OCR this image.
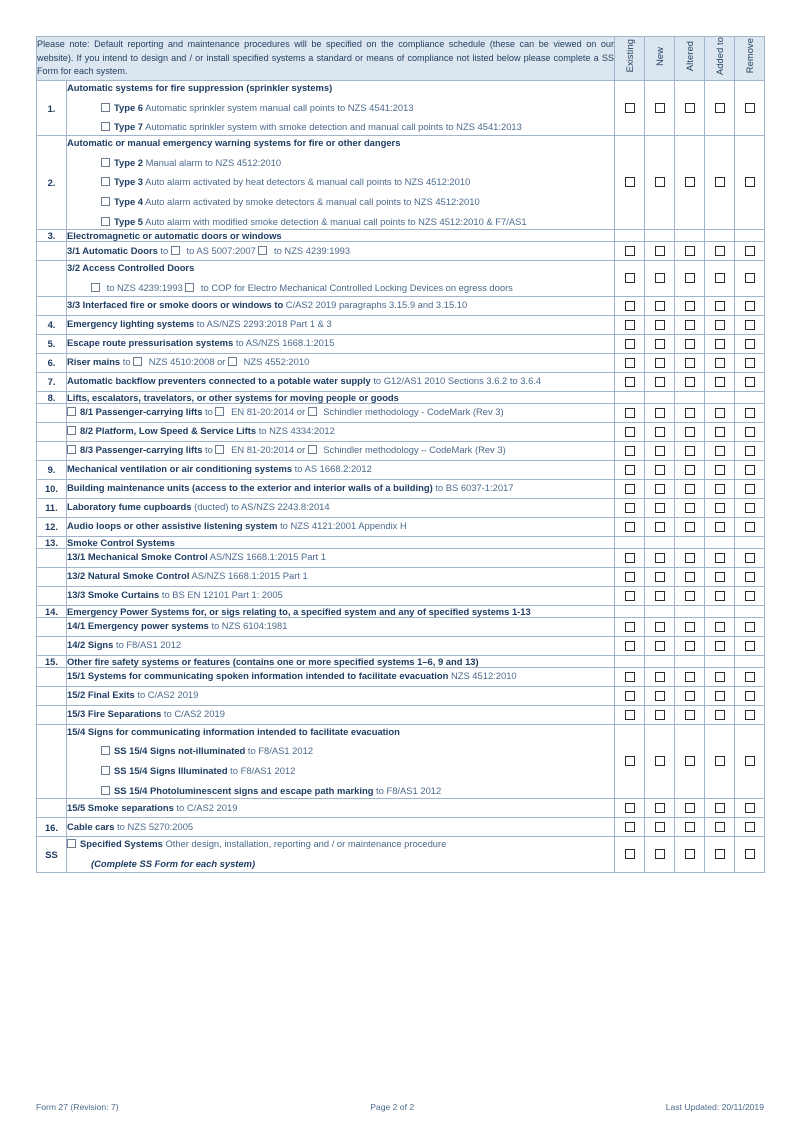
Please note: Default reporting and maintenance procedures will be specified on the compliance schedule (these can be viewed on our website). If you intend to design and / or install specified systems a standard or means of compliance not listed below please complete a SS Form for each system.		Existing	New	Altered	Added to	Remove
1.	Automatic systems for fire suppression (sprinkler systems)
Type 6 Automatic sprinkler system manual call points to NZS 4541:2013
Type 7 Automatic sprinkler system with smoke detection and manual call points to NZS 4541:2013					

2.	Automatic or manual emergency warning systems for fire or other dangers
Type 2 Manual alarm to NZS 4512:2010
Type 3 Auto alarm activated by heat detectors & manual call points to NZS 4512:2010
Type 4 Auto alarm activated by smoke detectors & manual call points to NZS 4512:2010
Type 5 Auto alarm with modified smoke detection & manual call points to NZS 4512:2010 & F7/AS1					

3.	Electromagnetic or automatic doors or windows					

	3/1 Automatic Doors to  to AS 5007:2007  to NZS 4239:1993					

	3/2 Access Controlled Doors
to NZS 4239:1993  to COP for Electro Mechanical Controlled Locking Devices on egress doors					

	3/3 Interfaced fire or smoke doors or windows to C/AS2 2019 paragraphs 3.15.9 and 3.15.10					

4.	Emergency lighting systems to AS/NZS 2293:2018 Part 1 & 3					

5.	Escape route pressurisation systems to AS/NZS 1668.1:2015					

6.	Riser mains to  NZS 4510:2008 or  NZS 4552:2010					

7.	Automatic backflow preventers connected to a potable water supply to G12/AS1 2010 Sections 3.6.2 to 3.6.4					

8.	Lifts, escalators, travelators, or other systems for moving people or goods					

	8/1 Passenger-carrying lifts to  EN 81-20:2014 or  Schindler methodology - CodeMark (Rev 3)					

	8/2 Platform, Low Speed & Service Lifts to NZS 4334:2012					

	8/3 Passenger-carrying lifts to  EN 81-20:2014 or  Schindler methodology – CodeMark (Rev 3)					

9.	Mechanical ventilation or air conditioning systems to AS 1668.2:2012					

10.	Building maintenance units (access to the exterior and interior walls of a building) to BS 6037-1:2017					

11.	Laboratory fume cupboards (ducted) to AS/NZS 2243.8:2014					

12.	Audio loops or other assistive listening system to NZS 4121:2001 Appendix H					

13.	Smoke Control Systems					

	13/1 Mechanical Smoke Control AS/NZS 1668.1:2015 Part 1					

	13/2 Natural Smoke Control AS/NZS 1668.1:2015 Part 1					

	13/3 Smoke Curtains to BS EN 12101 Part 1: 2005					

14.	Emergency Power Systems for, or sigs relating to, a specified system and any of specified systems 1-13					

	14/1 Emergency power systems to NZS 6104:1981					

	14/2 Signs to F8/AS1 2012					

15.	Other fire safety systems or features (contains one or more specified systems 1–6, 9 and 13)					

	15/1 Systems for communicating spoken information intended to facilitate evacuation NZS 4512:2010					

	15/2 Final Exits to C/AS2 2019					

	15/3 Fire Separations to C/AS2 2019					

	15/4 Signs for communicating information intended to facilitate evacuation
SS 15/4 Signs not-illuminated to F8/AS1 2012
SS 15/4 Signs Illuminated to F8/AS1 2012
SS 15/4 Photoluminescent signs and escape path marking to F8/AS1 2012					

	15/5 Smoke separations to C/AS2 2019					

16.	Cable cars to NZS 5270:2005					

SS	Specified Systems Other design, installation, reporting and / or maintenance procedure
(Complete SS Form for each system)					

Form 27 (Revision: 7)	Page 2 of 2	Last Updated: 20/11/2019
